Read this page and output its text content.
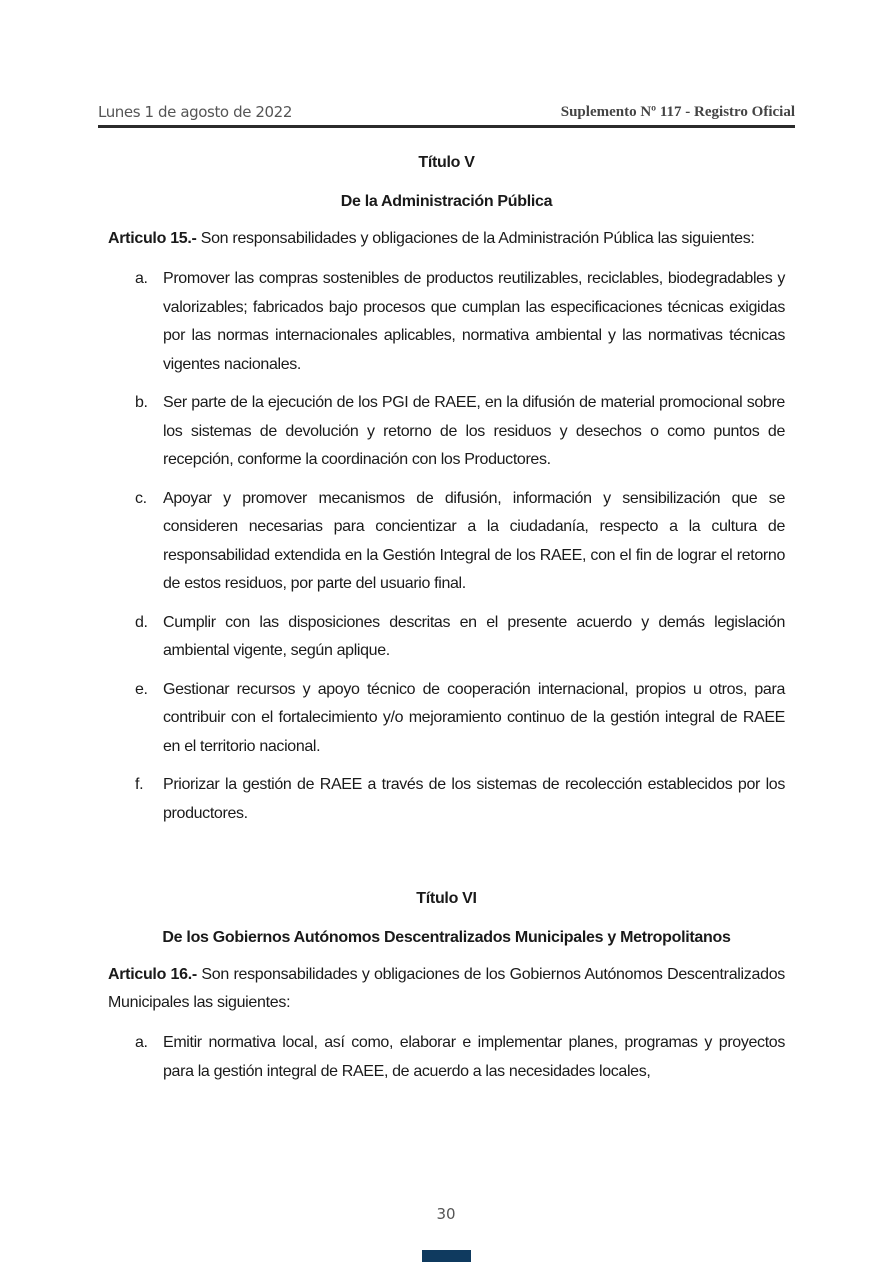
Lunes 1 de agosto de 2022	Suplemento Nº 117 - Registro Oficial

Título V

De la Administración Pública

Articulo 15.- Son responsabilidades y obligaciones de la Administración Pública las siguientes:

a. Promover las compras sostenibles de productos reutilizables, reciclables, biodegradables y valorizables; fabricados bajo procesos que cumplan las especificaciones técnicas exigidas por las normas internacionales aplicables, normativa ambiental y las normativas técnicas vigentes nacionales.

b. Ser parte de la ejecución de los PGI de RAEE, en la difusión de material promocional sobre los sistemas de devolución y retorno de los residuos y desechos o como puntos de recepción, conforme la coordinación con los Productores.

c. Apoyar y promover mecanismos de difusión, información y sensibilización que se consideren necesarias para concientizar a la ciudadanía, respecto a la cultura de responsabilidad extendida en la Gestión Integral de los RAEE, con el fin de lograr el retorno de estos residuos, por parte del usuario final.

d. Cumplir con las disposiciones descritas en el presente acuerdo y demás legislación ambiental vigente, según aplique.

e. Gestionar recursos y apoyo técnico de cooperación internacional, propios u otros, para contribuir con el fortalecimiento y/o mejoramiento continuo de la gestión integral de RAEE en el territorio nacional.

f. Priorizar la gestión de RAEE a través de los sistemas de recolección establecidos por los productores.

Título VI

De los Gobiernos Autónomos Descentralizados Municipales y Metropolitanos

Articulo 16.- Son responsabilidades y obligaciones de los Gobiernos Autónomos Descentralizados Municipales las siguientes:

a. Emitir normativa local, así como, elaborar e implementar planes, programas y proyectos para la gestión integral de RAEE, de acuerdo a las necesidades locales,

30
